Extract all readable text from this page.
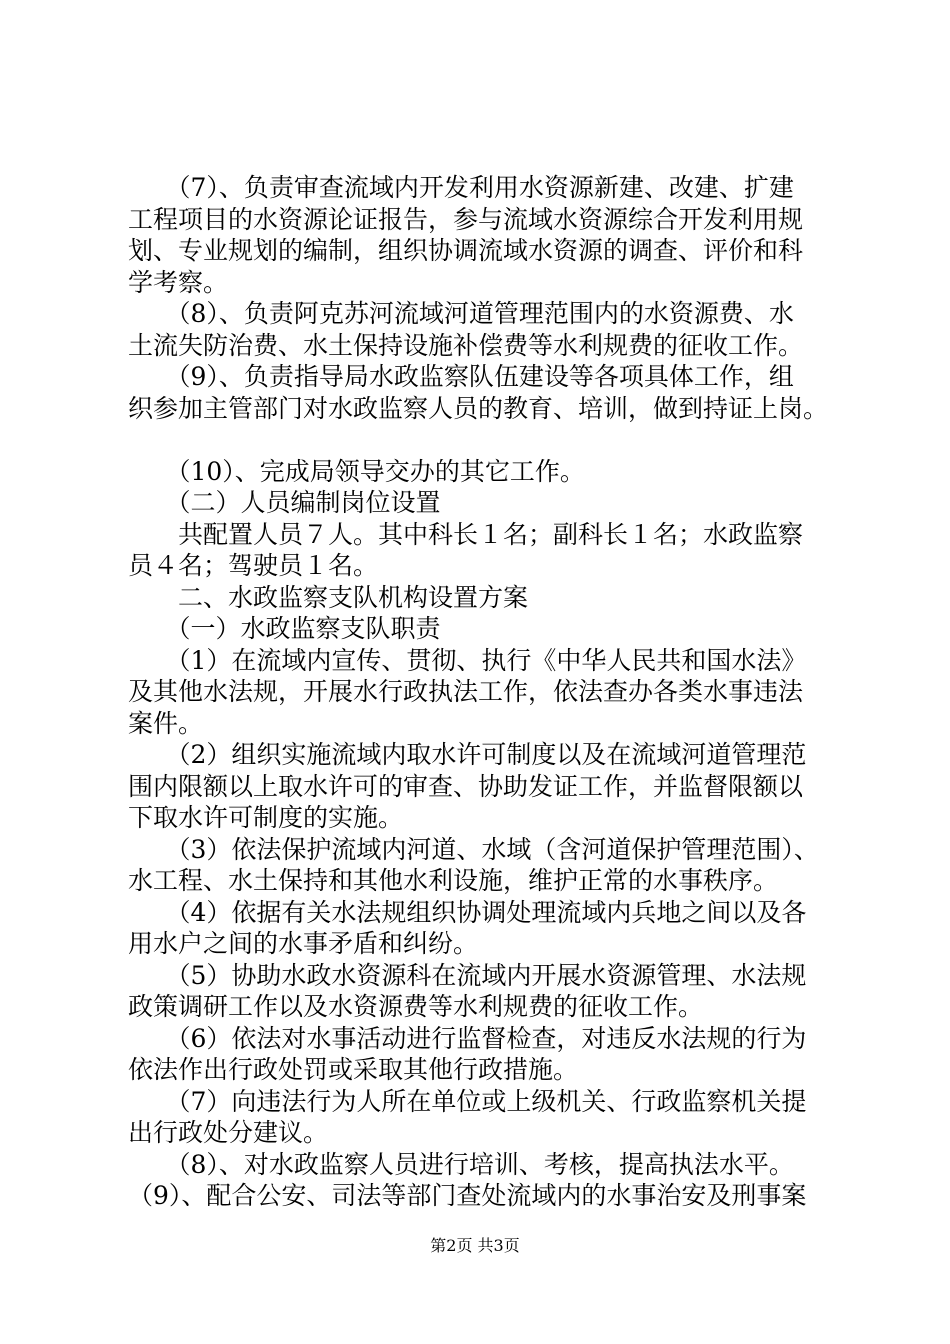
　　（7）、负责审查流域内开发利用水资源新建、改建、扩建
工程项目的水资源论证报告，参与流域水资源综合开发利用规
划、专业规划的编制，组织协调流域水资源的调查、评价和科
学考察。
　　（8）、负责阿克苏河流域河道管理范围内的水资源费、水
土流失防治费、水土保持设施补偿费等水利规费的征收工作。
　　（9）、负责指导局水政监察队伍建设等各项具体工作，组
织参加主管部门对水政监察人员的教育、培训，做到持证上岗。
　　（10）、完成局领导交办的其它工作。
　　（二）人员编制岗位设置
　　共配置人员７人。其中科长１名；副科长１名；水政监察
员４名；驾驶员１名。
　　二、水政监察支队机构设置方案
　　（一）水政监察支队职责
　　（1）在流域内宣传、贯彻、执行《中华人民共和国水法》
及其他水法规，开展水行政执法工作，依法查办各类水事违法
案件。
　　（2）组织实施流域内取水许可制度以及在流域河道管理范
围内限额以上取水许可的审查、协助发证工作，并监督限额以
下取水许可制度的实施。
　　（3）依法保护流域内河道、水域（含河道保护管理范围）、
水工程、水土保持和其他水利设施，维护正常的水事秩序。
　　（4）依据有关水法规组织协调处理流域内兵地之间以及各
用水户之间的水事矛盾和纠纷。
　　（5）协助水政水资源科在流域内开展水资源管理、水法规
政策调研工作以及水资源费等水利规费的征收工作。
　　（6）依法对水事活动进行监督检查，对违反水法规的行为
依法作出行政处罚或采取其他行政措施。
　　（7）向违法行为人所在单位或上级机关、行政监察机关提
出行政处分建议。
　　（8）、对水政监察人员进行培训、考核，提高执法水平。
（9）、配合公安、司法等部门查处流域内的水事治安及刑事案
第2页 共3页
